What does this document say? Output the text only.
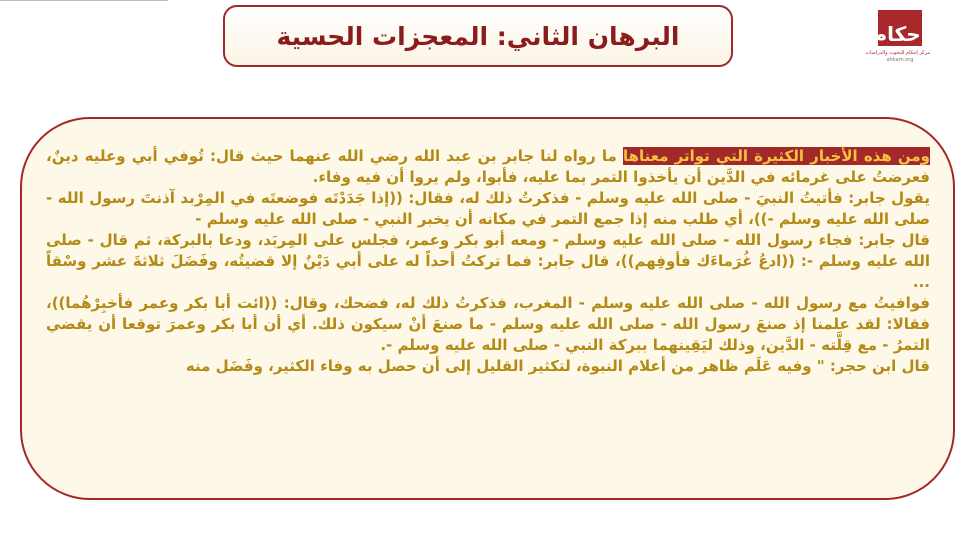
البرهان الثاني: المعجزات الحسية	إحكام
مركز إحكام للبحوث والدراسات
ahkam.org

ومن هذه الأخبار الكثيرة التي تواتر معناها ما رواه لنا جابر بن عبد الله رضي الله عنهما حيث قال: تُوفي أبي وعليه دينٌ، فعرضتُ على غرمائه في الدَّين أن يأخذوا التمر بما عليه، فأبوا، ولم يروا أن فيه وفاء.

يقول جابر: فأتيتُ النبيَ - صلى الله عليه وسلم - فذكرتُ ذلك له، فقال: ((إذا جَدَدْتَه فوضعتَه في المِرْبد آذنتَ رسول الله - صلى الله عليه وسلم -))، أي طلب منه إذا جمع التمر في مكانه أن يخبر النبي - صلى الله عليه وسلم -

قال جابر: فجاء رسول الله - صلى الله عليه وسلم - ومعه أبو بكر وعمر، فجلس على المِربَد، ودعا بالبركة، ثم قال - صلى الله عليه وسلم -: ((ادعُ غُرَماءَك فأوفِهم))، قال جابر: فما تركتُ أحداً له على أبي دَيْنٌ إلا قضيتُه، وفَضَلَ ثلاثةَ عشر وسْقاً ...

فوافيتُ مع رسول الله - صلى الله عليه وسلم - المغرب، فذكرتُ ذلك له، فضحك، وقال: ((ائت أبا بكر وعمر فأخبِرْهُما))، فقالا: لقد علمنا إذ صنعَ رسول الله - صلى الله عليه وسلم - ما صنعَ أنْ سيكون ذلك. أي أن أبا بكر وعمرَ توقعا أن يقضي التمرُ - مع قِلَّته - الدَّين، وذلك ليَقِينهما ببركة النبي - صلى الله عليه وسلم -.

قال ابن حجر: " وفيه عَلَم ظاهر من أعلام النبوة، لتكثير القليل إلى أن حصل به وفاء الكثير، وفَضَل منه
